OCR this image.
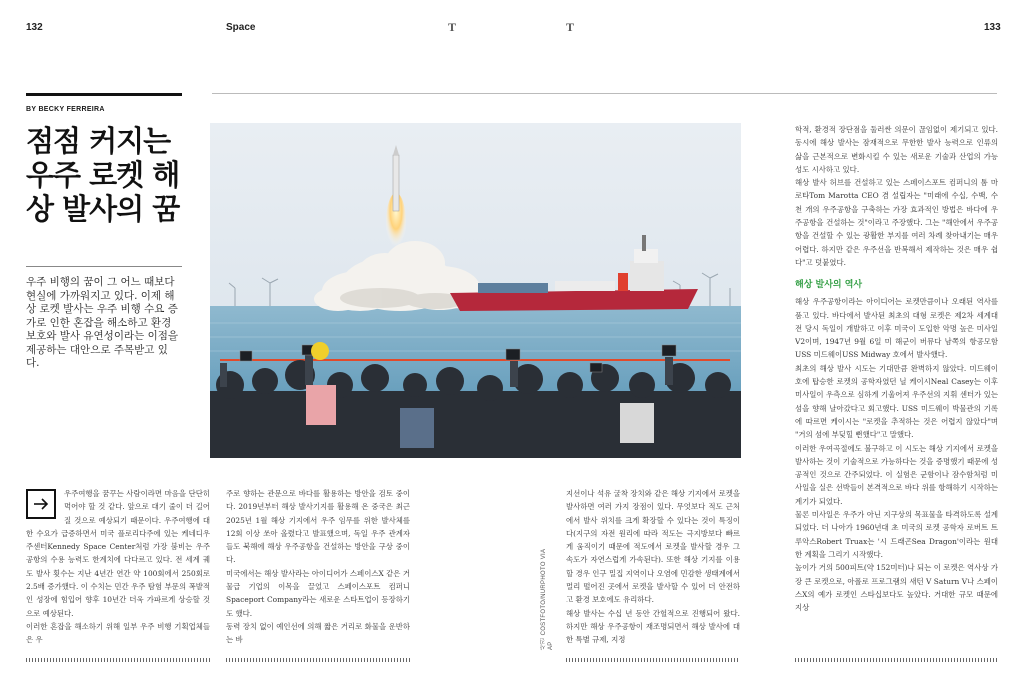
132	Space	T	T	133
BY BECKY FERREIRA
점점 커지는 우주 로켓 해상 발사의 꿈
우주 비행의 꿈이 그 어느 때보다 현실에 가까워지고 있다. 이제 해상 로켓 발사는 우주 비행 수요 증가로 인한 혼잡을 해소하고 환경 보호와 발사 유연성이라는 이점을 제공하는 대안으로 주목받고 있다.
사진 COSTFOTO/NURPHOTO VIA AP

우주여행을 꿈꾸는 사람이라면 마음을 단단히 먹어야 할 것 같다. 앞으로 대기 줄이 더 길어질 것으로 예상되기 때문이다. 우주여행에 대한 수요가 급증하면서 미국 플로리다주에 있는 케네디우주센터Kennedy Space Center처럼 가장 붐비는 우주공항의 수용 능력도 한계치에 다다르고 있다. 전 세계 궤도 발사 횟수는 지난 4년간 연간 약 100회에서 250회로 2.5배 증가했다. 이 수치는 민간 우주 탐험 부문의 폭발적인 성장에 힘입어 향후 10년간 더욱 가파르게 상승할 것으로 예상된다.

이러한 혼잡을 해소하기 위해 일부 우주 비행 기획업체들은 우

주로 향하는 관문으로 바다를 활용하는 방안을 검토 중이다. 2019년부터 해상 발사기지를 활용해 온 중국은 최근 2025년 1월 해상 기지에서 우주 임무를 위한 발사체를 12회 이상 쏘아 올렸다고 발표했으며, 독일 우주 관계자들도 북해에 해상 우주공항을 건설하는 방안을 구상 중이다.

미국에서는 해상 발사라는 아이디어가 스페이스X 같은 거물급 기업의 이목을 끌었고 스페이스포트 컴퍼니Spaceport Company라는 새로운 스타트업이 등장하기도 했다.

동력 장치 없이 예인선에 의해 짧은 거리로 화물을 운반하는 바

지선이나 석유 굴착 장치와 같은 해상 기지에서 로켓을 발사하면 여러 가지 장점이 있다. 무엇보다 적도 근처에서 발사 위치를 크게 확장할 수 있다는 것이 특징이다(지구의 자전 원리에 따라 적도는 극지방보다 빠르게 움직이기 때문에 적도에서 로켓을 발사할 경우 그 속도가 자연스럽게 가속된다). 또한 해상 기지를 이용할 경우 인구 밀집 지역이나 오염에 민감한 생태계에서 멀리 떨어진 곳에서 로켓을 발사할 수 있어 더 안전하고 환경 보호에도 유리하다.

해상 발사는 수십 년 동안 간헐적으로 진행되어 왔다. 하지만 해상 우주공항이 재조명되면서 해상 발사에 대한 특별 규제, 지정

학적, 환경적 장단점을 둘러싼 의문이 끊임없이 제기되고 있다. 동시에 해상 발사는 잠재적으로 무한한 발사 능력으로 인류의 삶을 근본적으로 변화시킬 수 있는 새로운 기술과 산업의 가능성도 시사하고 있다.

해상 발사 허브를 건설하고 있는 스페이스포트 컴퍼니의 톰 마로타Tom Marotta CEO 겸 설립자는 "미래에 수십, 수백, 수천 개의 우주공항을 구축하는 가장 효과적인 방법은 바다에 우주공항을 건설하는 것"이라고 주장했다. 그는 "해안에서 우주공항을 건설할 수 있는 광활한 부지를 여러 차례 찾아내기는 매우 어렵다. 하지만 같은 우주선을 반복해서 제작하는 것은 매우 쉽다"고 덧붙였다.

해상 발사의 역사

해상 우주공항이라는 아이디어는 로켓만큼이나 오래된 역사를 품고 있다. 바다에서 발사된 최초의 대형 로켓은 제2차 세계대전 당시 독일이 개발하고 이후 미국이 도입한 악명 높은 미사일 V2이며, 1947년 9월 6일 미 해군이 버뮤다 남쪽의 항공모함 USS 미드웨이USS Midway 호에서 발사했다.

최초의 해상 발사 시도는 기대만큼 완벽하지 않았다. 미드웨이호에 탑승한 로켓의 공학자였던 닐 케이시Neal Casey는 이후 미사일이 우측으로 심하게 기울어져 우주선의 지휘 센터가 있는 섬을 향해 날아갔다고 회고했다. USS 미드웨이 박물관의 기록에 따르면 케이시는 "로켓을 추적하는 것은 어렵지 않았다"며 "거의 섬에 부딪힐 뻔했다"고 말했다.

이러한 우여곡절에도 불구하고 이 시도는 해상 기지에서 로켓을 발사하는 것이 기술적으로 가능하다는 것을 증명했기 때문에 성공적인 것으로 간주되었다. 이 실험은 군함이나 잠수함처럼 미사일을 실은 선박들이 본격적으로 바다 위를 항해하기 시작하는 계기가 되었다.

물론 미사일은 우주가 아닌 지구상의 목표물을 타격하도록 설계되었다. 더 나아가 1960년대 초 미국의 로켓 공학자 로버트 트루악스Robert Truax는 '시 드래곤Sea Dragon'이라는 원대한 계획을 그리기 시작했다.

높이가 거의 500피트(약 152미터)나 되는 이 로켓은 역사상 가장 큰 로켓으로, 아폴로 프로그램의 새턴 V Saturn V나 스페이스X의 예가 로켓인 스타십보다도 높았다. 거대한 규모 때문에 지상
